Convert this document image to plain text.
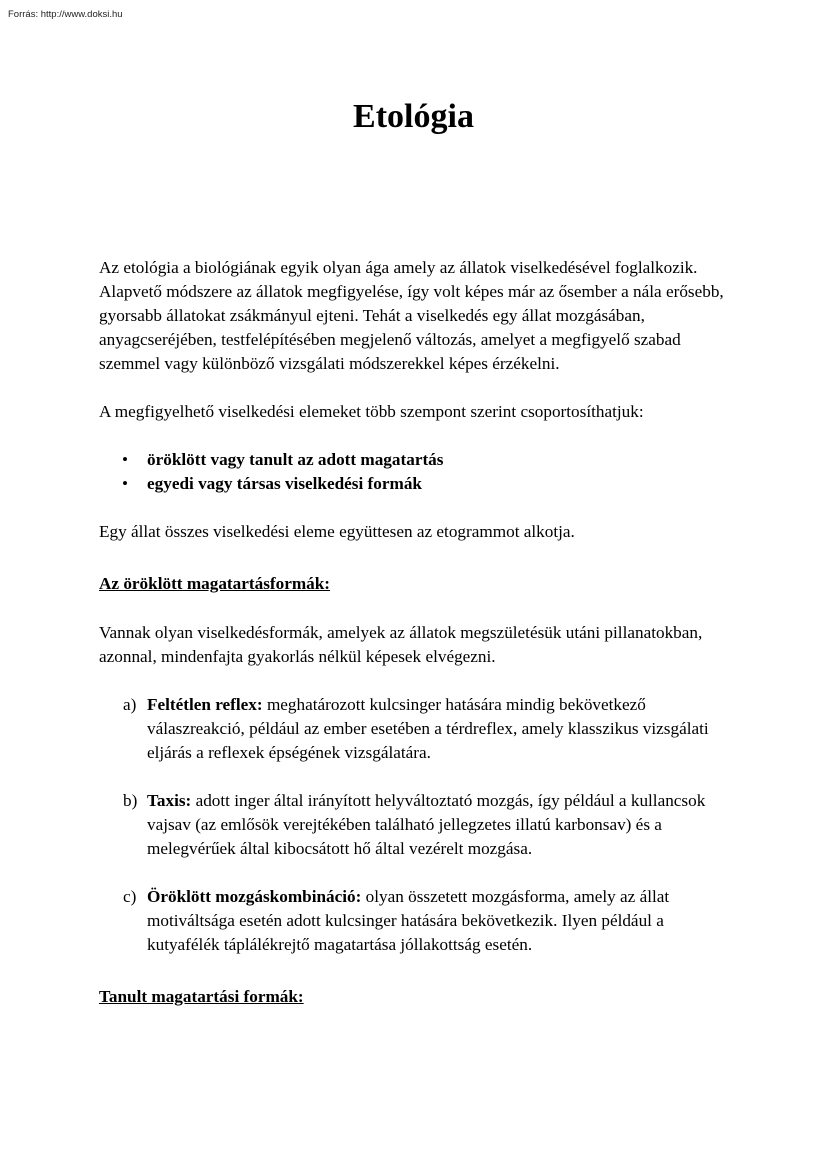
Forrás: http://www.doksi.hu
Etológia

Az etológia a biológiának egyik olyan ága amely az állatok viselkedésével foglalkozik.

Alapvető módszere az állatok megfigyelése, így volt képes már az ősember a nála erősebb, gyorsabb állatokat zsákmányul ejteni. Tehát a viselkedés egy állat mozgásában, anyagcseréjében, testfelépítésében megjelenő változás, amelyet a megfigyelő szabad szemmel vagy különböző vizsgálati módszerekkel képes érzékelni.

A megfigyelhető viselkedési elemeket több szempont szerint csoportosíthatjuk:

• öröklött vagy tanult az adott magatartás
• egyedi vagy társas viselkedési formák

Egy állat összes viselkedési eleme együttesen az etogrammot alkotja.

Az öröklött magatartásformák:

Vannak olyan viselkedésformák, amelyek az állatok megszületésük utáni pillanatokban, azonnal, mindenfajta gyakorlás nélkül képesek elvégezni.

a) Feltétlen reflex: meghatározott kulcsinger hatására mindig bekövetkező válaszreakció, például az ember esetében a térdreflex, amely klasszikus vizsgálati eljárás a reflexek épségének vizsgálatára.
b) Taxis: adott inger által irányított helyváltoztató mozgás, így például a kullancsok vajsav (az emlősök verejtékében található jellegzetes illatú karbonsav) és a melegvérűek által kibocsátott hő által vezérelt mozgása.
c) Öröklött mozgáskombináció: olyan összetett mozgásforma, amely az állat motiváltsága esetén adott kulcsinger hatására bekövetkezik. Ilyen például a kutyafélék táplálékrejtő magatartása jóllakottság esetén.

Tanult magatartási formák:
